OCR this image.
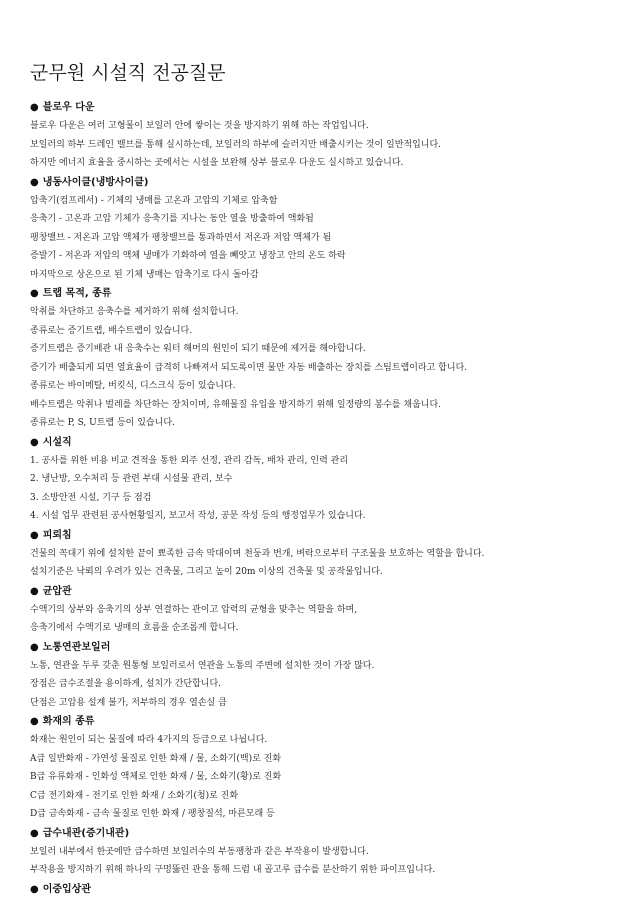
군무원 시설직 전공질문
● 블로우 다운
블로우 다운은 여러 고형물이 보일러 안에 쌓이는 것을 방지하기 위해 하는 작업입니다.
보일러의 하부 드레인 밸브를 통해 실시하는데, 보일러의 하부에 슬러지만 배출시키는 것이 일반적입니다.
하지만 에너지 효율을 중시하는 곳에서는 시설을 보완해 상부 블로우 다운도 실시하고 있습니다.
● 냉동사이클(냉방사이클)
압축기(컴프레서) - 기체의 냉매를 고온과 고압의 기체로 압축함
응축기 - 고온과 고압 기체가 응축기를 지나는 동안 열을 방출하여 액화됨
팽창밸브 - 저온과 고압 액체가 팽창밸브를 통과하면서 저온과 저압 액체가 됨
증발기 - 저온과 저압의 액체 냉매가 기화하여 열을 빼앗고 냉장고 안의 온도 하락
마지막으로 상온으로 된 기체 냉매는 압축기로 다시 돌아감
● 트랩 목적, 종류
악취를 차단하고 응축수를 제거하기 위해 설치합니다.
종류로는 증기트랩, 배수트랩이 있습니다.
증기트랩은 증기배관 내 응축수는 워터 해머의 원인이 되기 때문에 제거를 해야합니다.
증기가 배출되게 되면 열효율이 급격히 나빠져서 되도록이면 물만 자동 배출하는 장치를 스팀트랩이라고 합니다.
종류로는 바이메탈, 버킷식, 디스크식 등이 있습니다.
배수트랩은 악취나 벌레를 차단하는 장치이며, 유해물질 유입을 방지하기 위해 일정량의 봉수를 채웁니다.
종류로는 P, S, U트랩 등이 있습니다.
● 시설직
1. 공사를 위한 비용 비교 견적을 통한 외주 선정, 관리 감독, 배차 관리, 인력 관리
2. 냉난방, 오수처리 등 관련 부대 시설물 관리, 보수
3. 소방안전 시설, 기구 등 점검
4. 시설 업무 관련된 공사현황일지, 보고서 작성, 공문 작성 등의 행정업무가 있습니다.
● 피뢰침
건물의 꼭대기 위에 설치한 끝이 뾰족한 금속 막대이며 천둥과 번개, 벼락으로부터 구조물을 보호하는 역할을 합니다.
설치기준은 낙뢰의 우려가 있는 건축물, 그리고 높이 20m 이상의 건축물 및 공작물입니다.
● 균압관
수액기의 상부와 응축기의 상부 연결하는 관이고 압력의 균형을 맞추는 역할을 하며,
응축기에서 수액기로 냉매의 흐름을 순조롭게 합니다.
● 노통연관보일러
노통, 연관을 두루 갖춘 원통형 보일러로서 연관을 노통의 주변에 설치한 것이 가장 많다.
장점은 급수조절을 용이하게, 설치가 간단합니다.
단점은 고압용 설계 불가, 저부하의 경우 열손실 큼
● 화재의 종류
화재는 원인이 되는 물질에 따라 4가지의 등급으로 나뉩니다.
A급 일반화재 - 가연성 물질로 인한 화재 / 물, 소화기(백)로 진화
B급 유류화재 - 인화성 액체로 인한 화재 / 물, 소화기(황)로 진화
C급 전기화재 - 전기로 인한 화재 / 소화기(청)로 진화
D급 금속화재 - 금속 물질로 인한 화재 / 팽창질석, 마른모래 등
● 급수내관(증기내관)
보일러 내부에서 한곳에만 급수하면 보일러수의 부동팽창과 같은 부작용이 발생합니다.
부작용을 방지하기 위해 하나의 구멍뚫린 관을 통해 드럼 내 골고루 급수를 분산하기 위한 파이프입니다.
● 이중입상관
